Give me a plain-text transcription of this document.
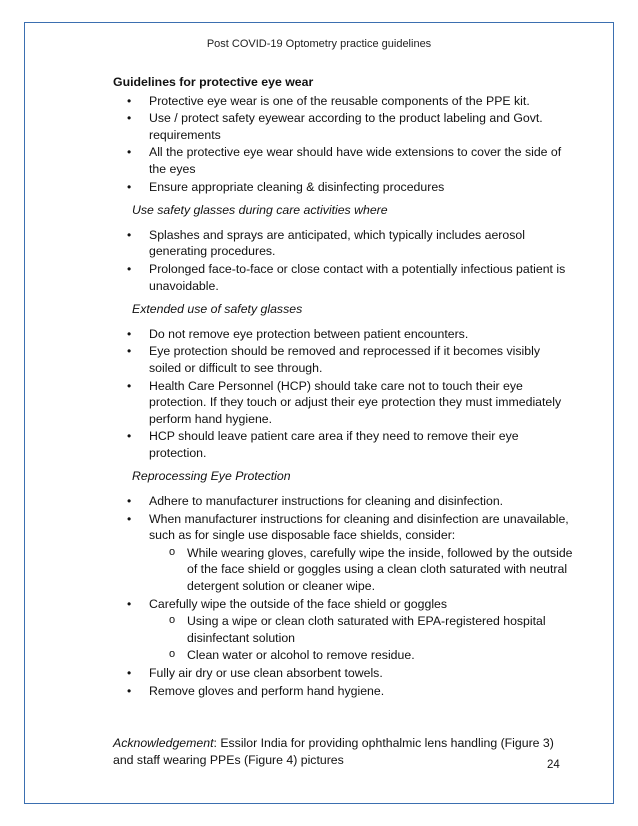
Post COVID-19 Optometry practice guidelines
Guidelines for protective eye wear
• Protective eye wear is one of the reusable components of the PPE kit.
• Use / protect safety eyewear according to the product labeling and Govt. requirements
• All the protective eye wear should have wide extensions to cover the side of the eyes
• Ensure appropriate cleaning & disinfecting procedures
Use safety glasses during care activities where
• Splashes and sprays are anticipated, which typically includes aerosol generating procedures.
• Prolonged face-to-face or close contact with a potentially infectious patient is unavoidable.
Extended use of safety glasses
• Do not remove eye protection between patient encounters.
• Eye protection should be removed and reprocessed if it becomes visibly soiled or difficult to see through.
• Health Care Personnel (HCP) should take care not to touch their eye protection. If they touch or adjust their eye protection they must immediately perform hand hygiene.
• HCP should leave patient care area if they need to remove their eye protection.
Reprocessing Eye Protection
• Adhere to manufacturer instructions for cleaning and disinfection.
• When manufacturer instructions for cleaning and disinfection are unavailable, such as for single use disposable face shields, consider:
o While wearing gloves, carefully wipe the inside, followed by the outside of the face shield or goggles using a clean cloth saturated with neutral detergent solution or cleaner wipe.
• Carefully wipe the outside of the face shield or goggles
o Using a wipe or clean cloth saturated with EPA-registered hospital disinfectant solution
o Clean water or alcohol to remove residue.
• Fully air dry or use clean absorbent towels.
• Remove gloves and perform hand hygiene.
Acknowledgement: Essilor India for providing ophthalmic lens handling (Figure 3) and staff wearing PPEs (Figure 4) pictures	24
